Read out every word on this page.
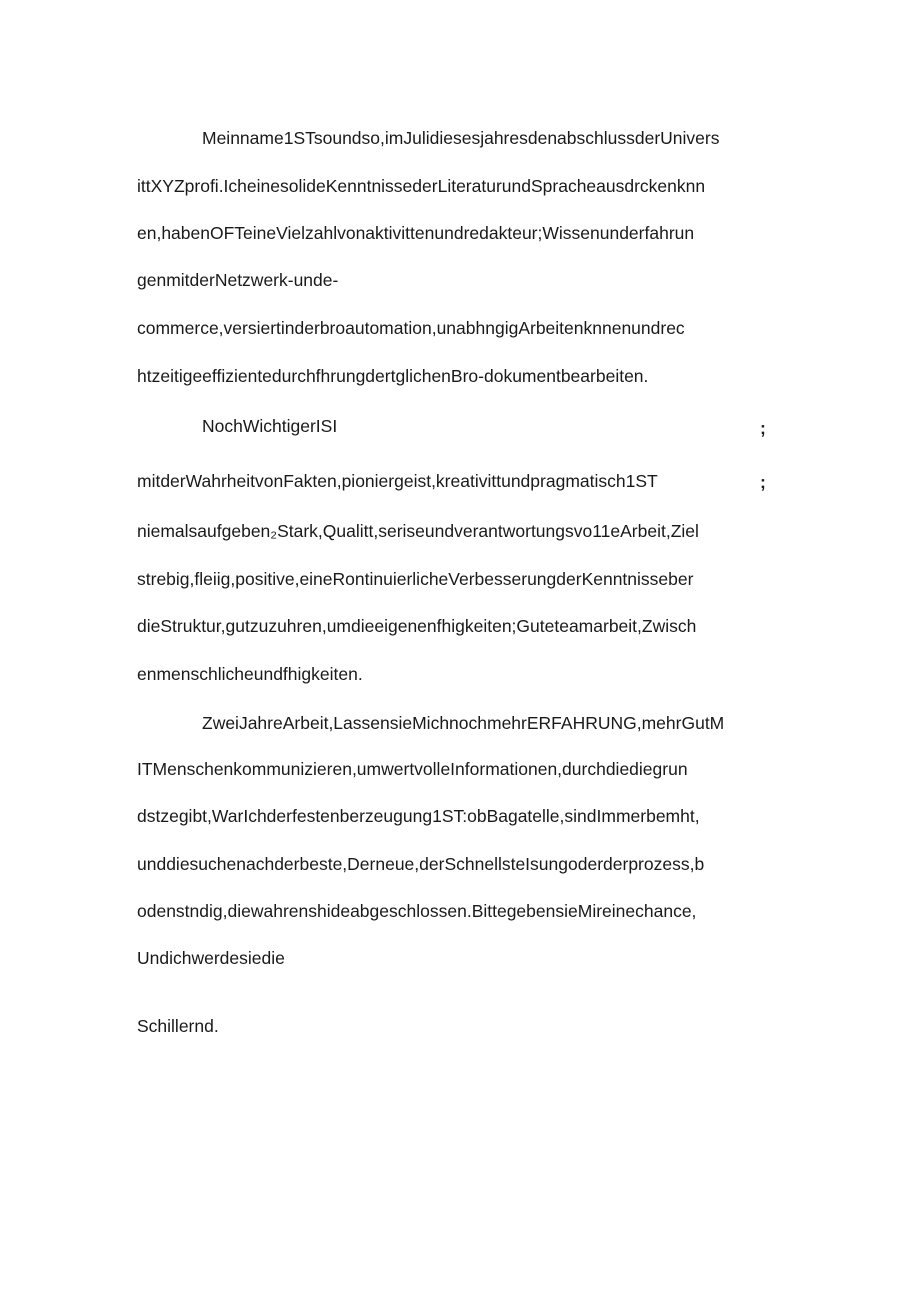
Meinname1STsoundso,imJulidiesesjahresdenabschlussderUnivers
ittXYZprofi.IcheinesolideKenntnissederLiteraturundSpracheausdrckenknn
en,habenOFTeineVielzahlvonaktivittenundredakteur;Wissenunderfahrun
genmitderNetzwerk-unde-
commerce,versiertinderbroautomation,unabhngigArbeitenknnenundrec
htzeitigeeffizientedurchfhrungdertglichenBro-dokumentbearbeiten.
NochWichtigerISI	;
mitderWahrheitvonFakten,pioniergeist,kreativittundpragmatisch1ST	;
niemalsaufgeben₂Stark,Qualitt,seriseundverantwortungsvo11eArbeit,Ziel
strebig,fleiig,positive,eineRontinuierlicheVerbesserungderKenntnisseber
dieStruktur,gutzuzuhren,umdieeigenenfhigkeiten;Guteteamarbeit,Zwisch
enmenschlicheundfhigkeiten.
ZweiJahreArbeit,LassensieMichnochmehrERFAHRUNG,mehrGutM
ITMenschenkommunizieren,umwertvolleInformationen,durchdiediegrun
dstzegibt,WarIchderfestenberzeugung1ST:obBagatelle,sindImmerbemht,
unddiesuchenachderbeste,Derneue,derSchnellsteIsungoderderprozess,b
odenstndig,diewahrenshideabgeschlossen.BittegebensieMireinechance,
Undichwerdesiedie
Schillernd.
